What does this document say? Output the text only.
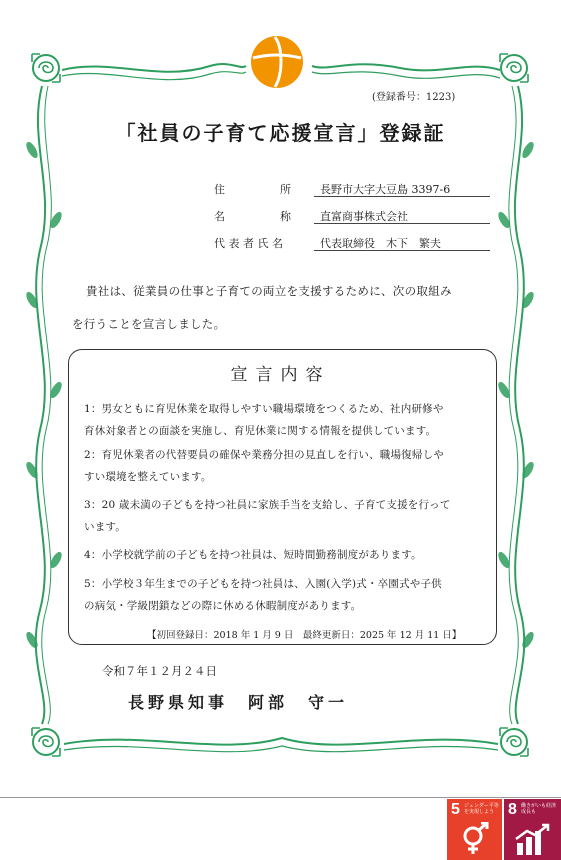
(登録番号：1223)
「社員の子育て応援宣言」登録証
住　　　　　所	長野市大字大豆島 3397-6
名　　　　　称	直富商事株式会社
代 表 者 氏 名	代表取締役　木下　繁夫
貴社は、従業員の仕事と子育ての両立を支援するために、次の取組み
を行うことを宣言しました。
宣言内容
1：男女ともに育児休業を取得しやすい職場環境をつくるため、社内研修や
育休対象者との面談を実施し、育児休業に関する情報を提供しています。
2：育児休業者の代替要員の確保や業務分担の見直しを行い、職場復帰しや
すい環境を整えています。
3：20 歳未満の子どもを持つ社員に家族手当を支給し、子育て支援を行って
います。
4：小学校就学前の子どもを持つ社員は、短時間勤務制度があります。
5：小学校３年生までの子どもを持つ社員は、入園(入学)式・卒園式や子供
の病気・学級閉鎖などの際に休める休暇制度があります。
【初回登録日：2018 年 1 月 9 日　最終更新日：2025 年 12 月 11 日】
令和７年１２月２４日
長野県知事　阿部　守一
5 ジェンダー平等を実現しよう 8 働きがいも経済成長も
